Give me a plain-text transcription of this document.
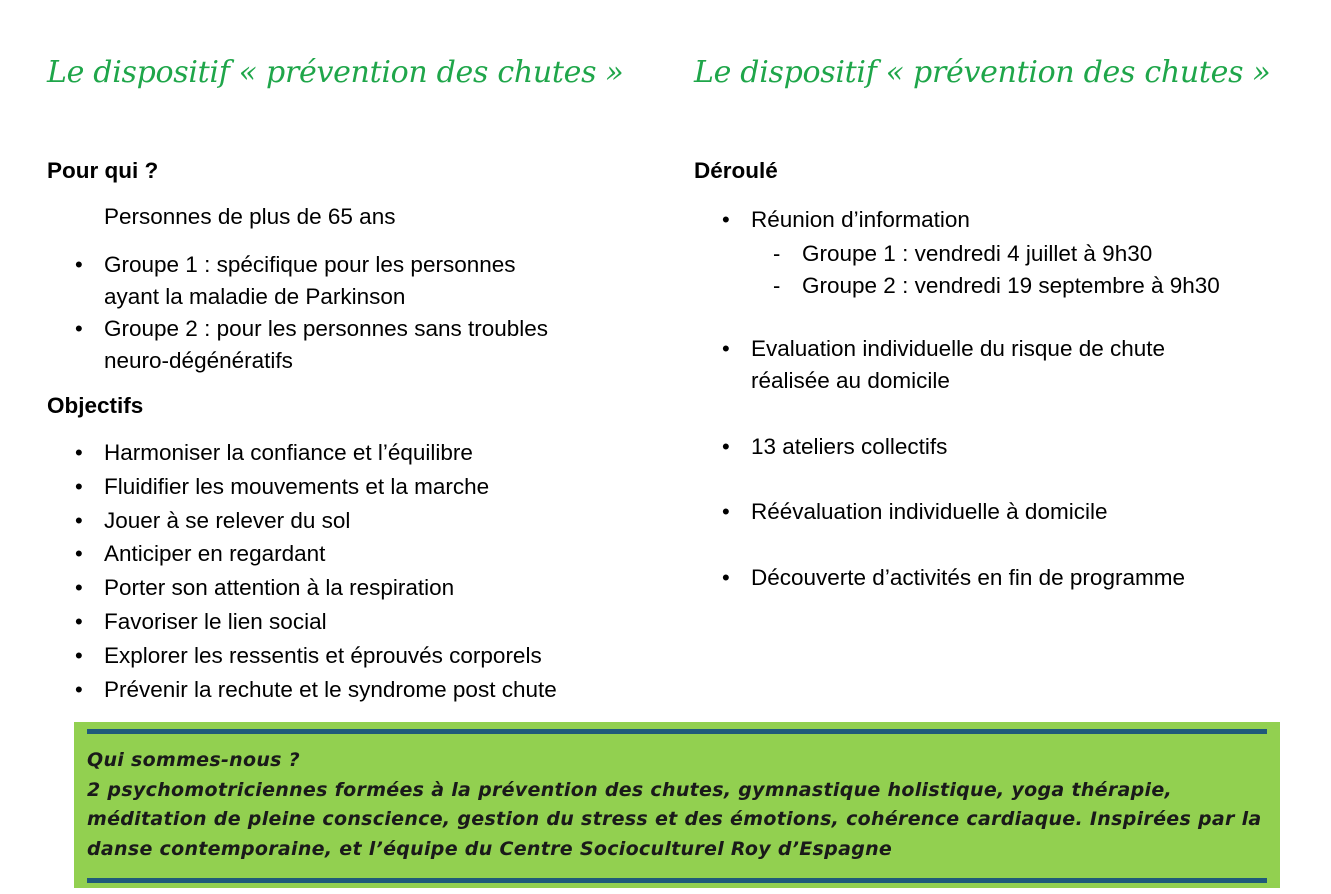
Le dispositif « prévention des chutes »
Pour qui ?
Personnes de plus de 65 ans
• Groupe 1 : spécifique pour les personnes
ayant la maladie de Parkinson
• Groupe 2 : pour les personnes sans troubles
neuro-dégénératifs
Objectifs
• Harmoniser la confiance et l’équilibre
• Fluidifier les mouvements et la marche
• Jouer à se relever du sol
• Anticiper en regardant
• Porter son attention à la respiration
• Favoriser le lien social
• Explorer les ressentis et éprouvés corporels
• Prévenir la rechute et le syndrome post chute
Le dispositif « prévention des chutes »
Déroulé
• Réunion d’information
- Groupe 1 : vendredi 4 juillet à 9h30
- Groupe 2 : vendredi 19 septembre à 9h30
• Evaluation individuelle du risque de chute
réalisée au domicile
• 13 ateliers collectifs
• Réévaluation individuelle à domicile
• Découverte d’activités en fin de programme
Qui sommes-nous ?
2 psychomotriciennes formées à la prévention des chutes, gymnastique holistique, yoga thérapie,
méditation de pleine conscience, gestion du stress et des émotions, cohérence cardiaque. Inspirées par la
danse contemporaine, et l’équipe du Centre Socioculturel Roy d’Espagne
